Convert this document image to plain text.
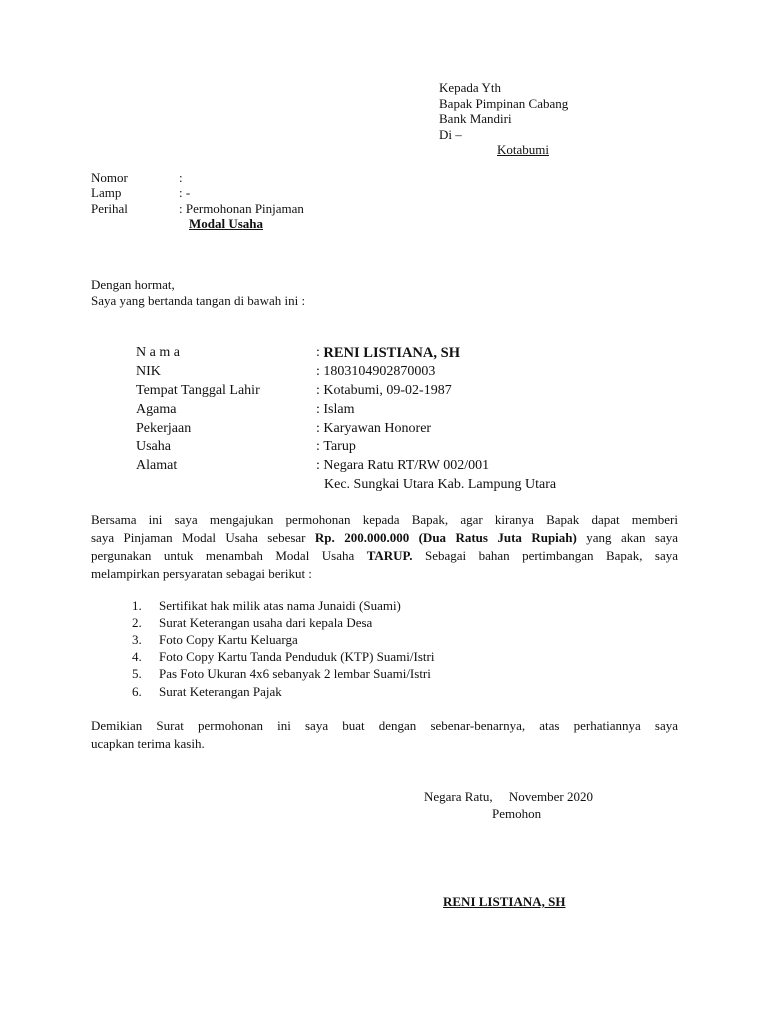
Kepada Yth
Bapak Pimpinan Cabang
Bank Mandiri
Di –
Kotabumi
Nomor	:
Lamp	: -
Perihal	: Permohonan Pinjaman
Modal Usaha
Dengan hormat,
Saya yang bertanda tangan di bawah ini :
N a m a	:
RENI LISTIANA, SH
NIK	:
1803104902870003
Tempat Tanggal Lahir	:
Kotabumi, 09-02-1987
Agama	:
Islam
Pekerjaan	:
Karyawan Honorer
Usaha	:
Tarup
Alamat	:
Negara Ratu RT/RW 002/001
Kec. Sungkai Utara Kab. Lampung Utara
Bersama ini saya mengajukan permohonan kepada Bapak, agar kiranya Bapak dapat memberi
saya Pinjaman Modal Usaha sebesar Rp. 200.000.000 (Dua Ratus Juta Rupiah) yang akan saya
pergunakan untuk menambah Modal Usaha TARUP. Sebagai bahan pertimbangan Bapak, saya
melampirkan persyaratan sebagai berikut :
1.	Sertifikat hak milik atas nama Junaidi (Suami)
2.	Surat Keterangan usaha dari kepala Desa
3.	Foto Copy Kartu Keluarga
4.	Foto Copy Kartu Tanda Penduduk (KTP) Suami/Istri
5.	Pas Foto Ukuran 4x6 sebanyak 2 lembar Suami/Istri
6.	Surat Keterangan Pajak
Demikian Surat permohonan ini saya buat dengan sebenar-benarnya, atas perhatiannya saya
ucapkan terima kasih.
Negara Ratu,     November 2020
Pemohon
RENI LISTIANA, SH
